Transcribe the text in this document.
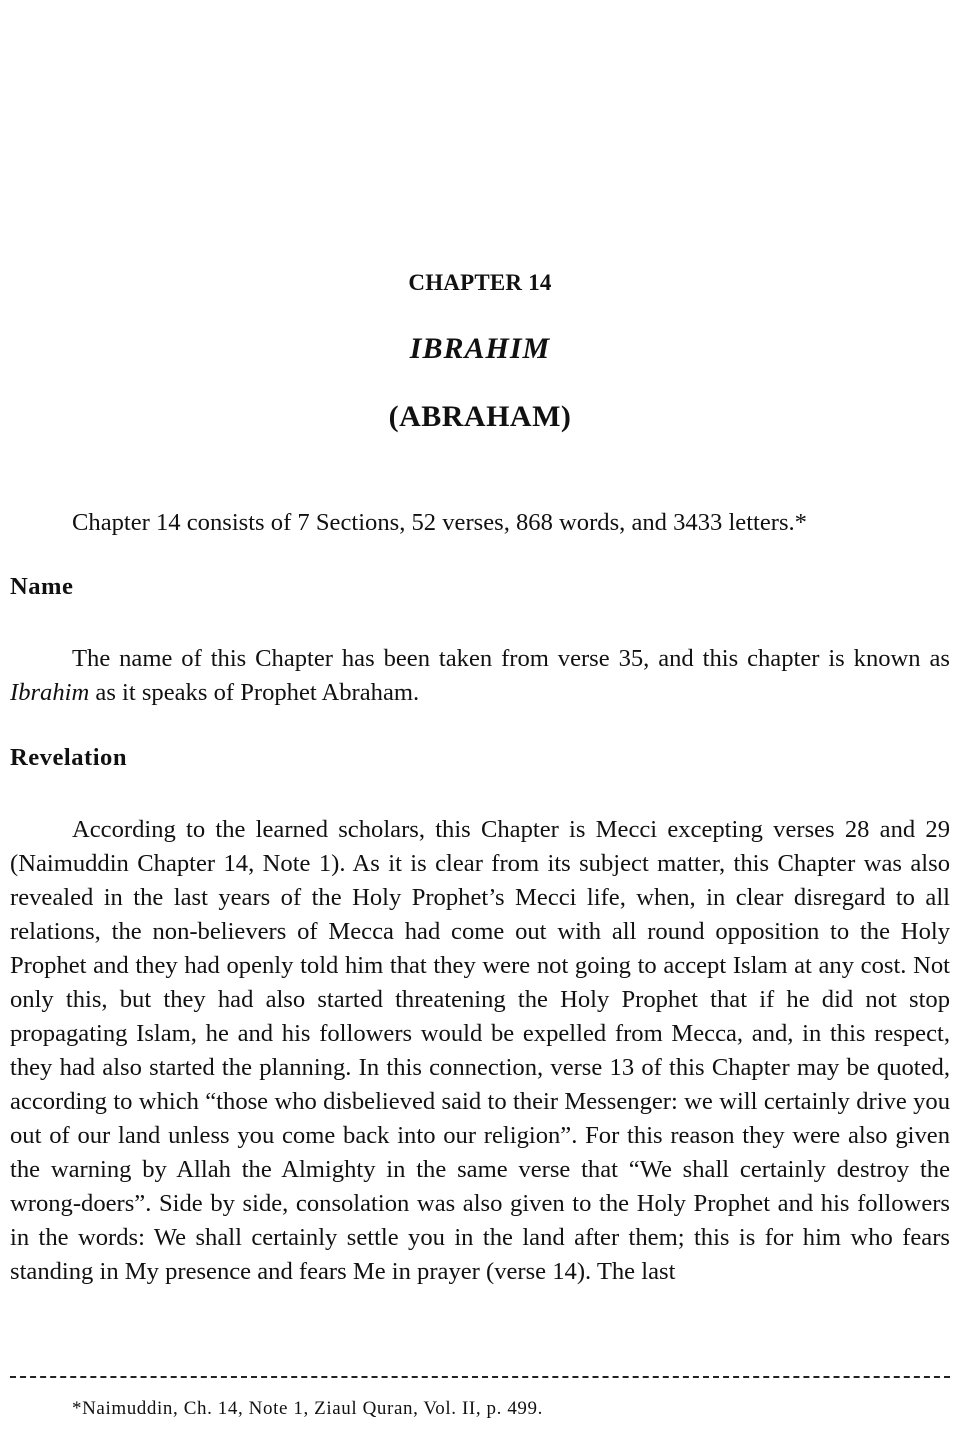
CHAPTER 14
IBRAHIM
(ABRAHAM)

Chapter 14 consists of 7 Sections, 52 verses, 868 words, and 3433 letters.*

Name

The name of this Chapter has been taken from verse 35, and this chapter is known as Ibrahim as it speaks of Prophet Abraham.

Revelation

According to the learned scholars, this Chapter is Mecci excepting verses 28 and 29 (Naimuddin Chapter 14, Note 1). As it is clear from its subject matter, this Chapter was also revealed in the last years of the Holy Prophet’s Mecci life, when, in clear disregard to all relations, the non-believers of Mecca had come out with all round opposition to the Holy Prophet and they had openly told him that they were not going to accept Islam at any cost. Not only this, but they had also started threatening the Holy Prophet that if he did not stop propagating Islam, he and his followers would be expelled from Mecca, and, in this respect, they had also started the planning. In this connection, verse 13 of this Chapter may be quoted, according to which “those who disbelieved said to their Messenger: we will certainly drive you out of our land unless you come back into our religion”. For this reason they were also given the warning by Allah the Almighty in the same verse that “We shall certainly destroy the wrong-doers”. Side by side, consolation was also given to the Holy Prophet and his followers in the words: We shall certainly settle you in the land after them; this is for him who fears standing in My presence and fears Me in prayer (verse 14). The last

*Naimuddin, Ch. 14, Note 1, Ziaul Quran, Vol. II, p. 499.
